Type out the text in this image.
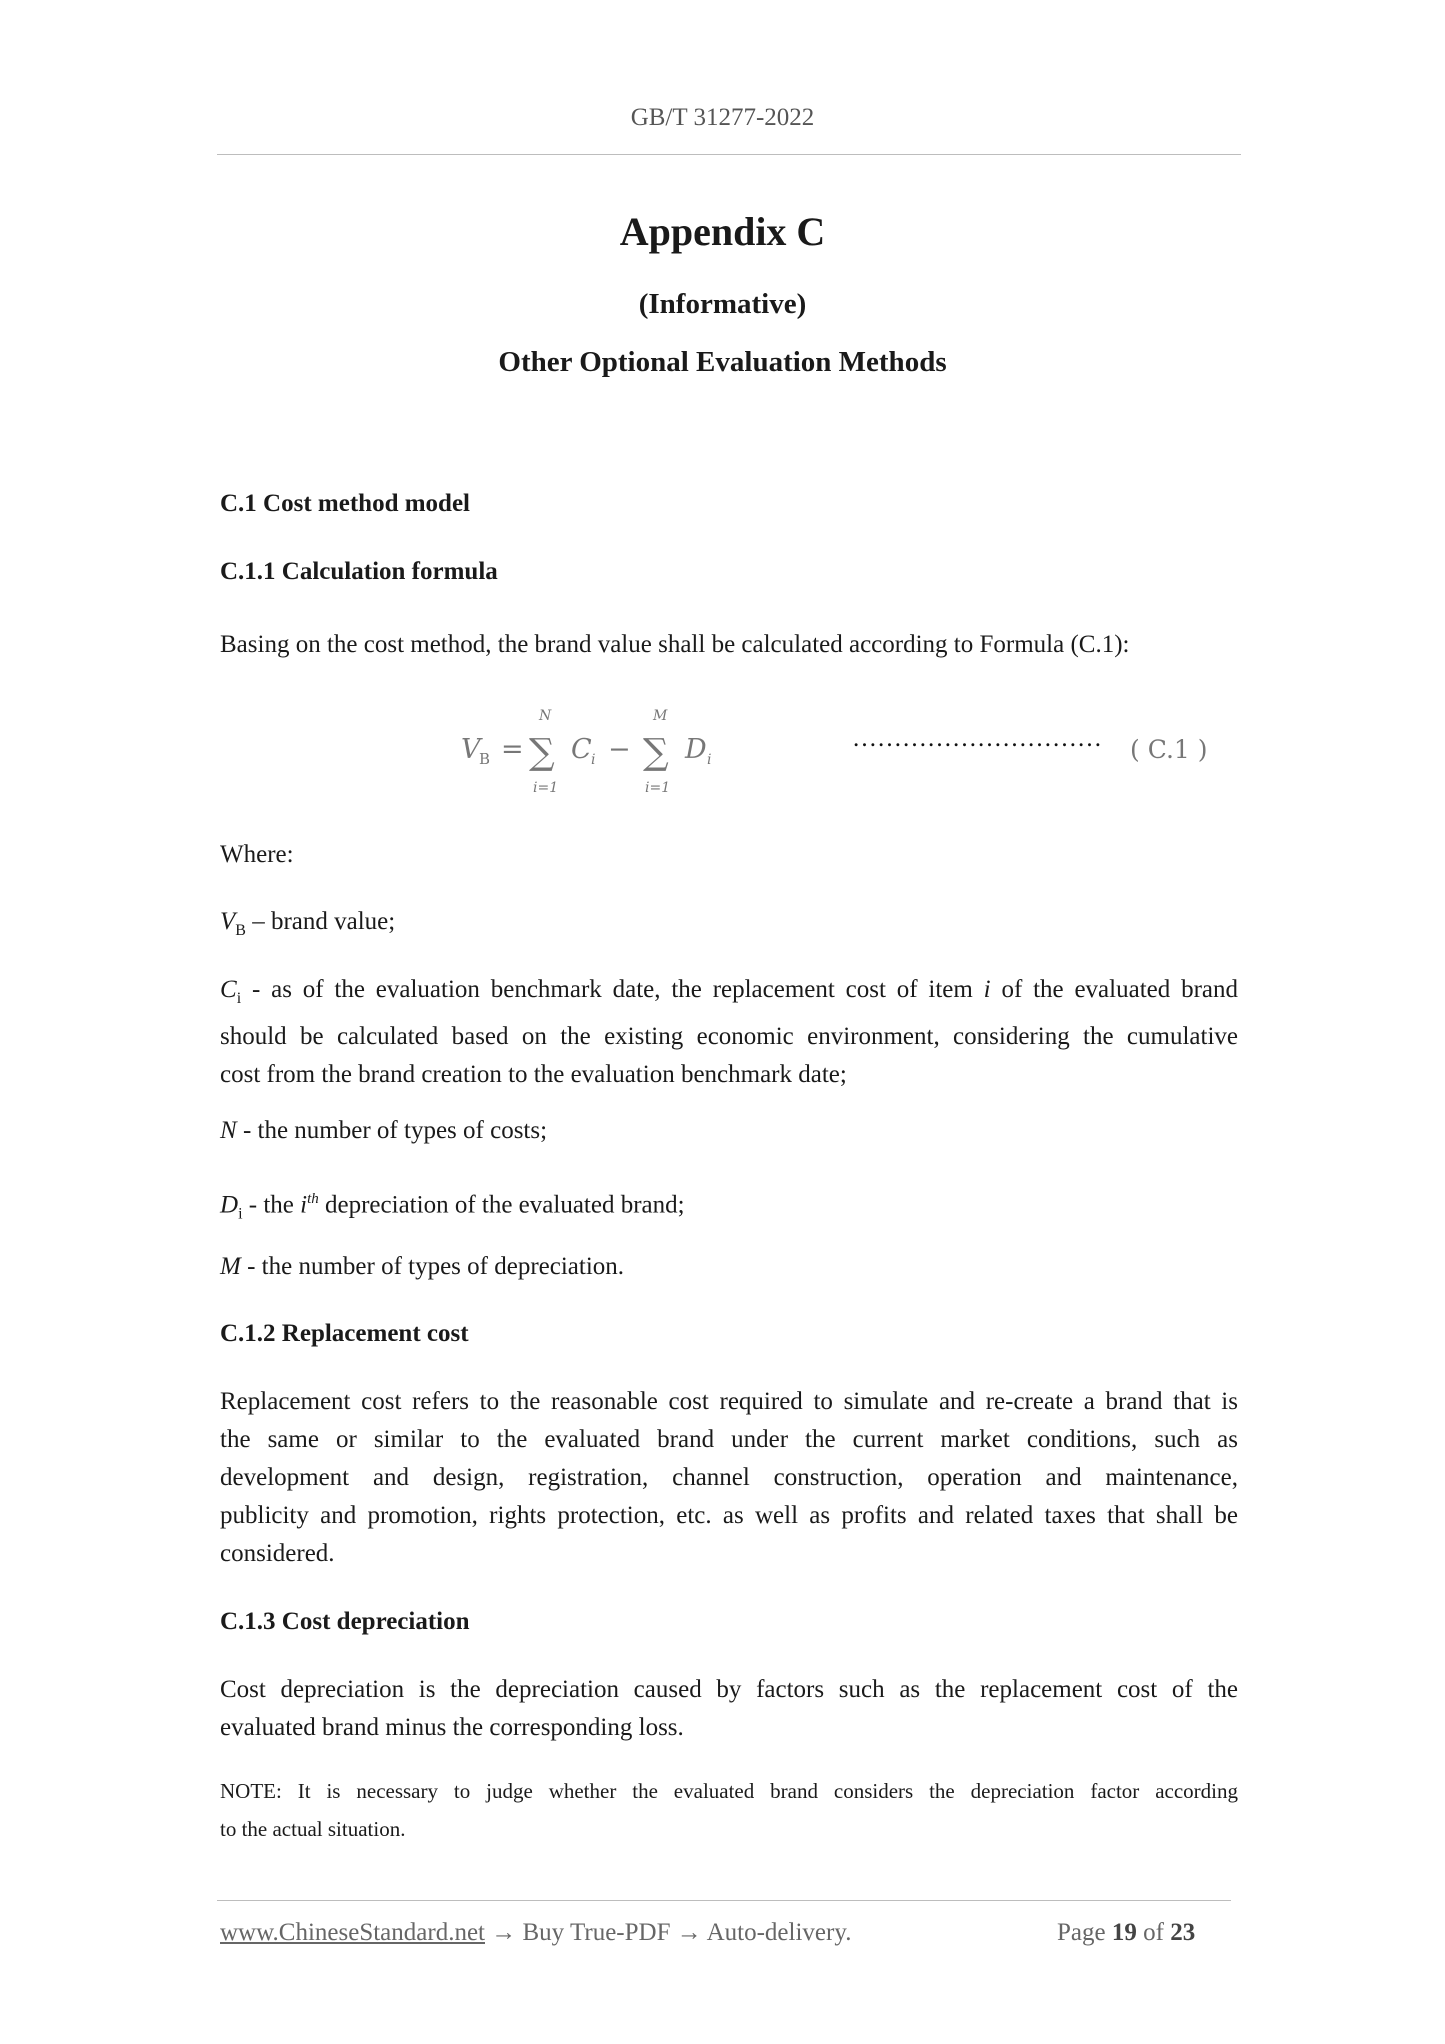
GB/T 31277-2022
Appendix C
(Informative)
Other Optional Evaluation Methods
C.1 Cost method model
C.1.1 Calculation formula
Basing on the cost method, the brand value shall be calculated according to Formula (C.1):
V
B =
N
∑
i=1
C i −
M
∑
i=1
D i
………………………… ( C.1 )
Where:
$V_B$ – brand value;
$C_i$ - as of the evaluation benchmark date, the replacement cost of item i of the evaluated brand
should be calculated based on the existing economic environment, considering the cumulative
cost from the brand creation to the evaluation benchmark date;
N - the number of types of costs;
$D_i$ - the $i^{th}$ depreciation of the evaluated brand;
M - the number of types of depreciation.
C.1.2 Replacement cost
Replacement cost refers to the reasonable cost required to simulate and re-create a brand that is
the same or similar to the evaluated brand under the current market conditions, such as
development and design, registration, channel construction, operation and maintenance,
publicity and promotion, rights protection, etc. as well as profits and related taxes that shall be
considered.
C.1.3 Cost depreciation
Cost depreciation is the depreciation caused by factors such as the replacement cost of the
evaluated brand minus the corresponding loss.
NOTE: It is necessary to judge whether the evaluated brand considers the depreciation factor according
to the actual situation.
www.ChineseStandard.net → Buy True-PDF → Auto-delivery.	Page 19 of 23
